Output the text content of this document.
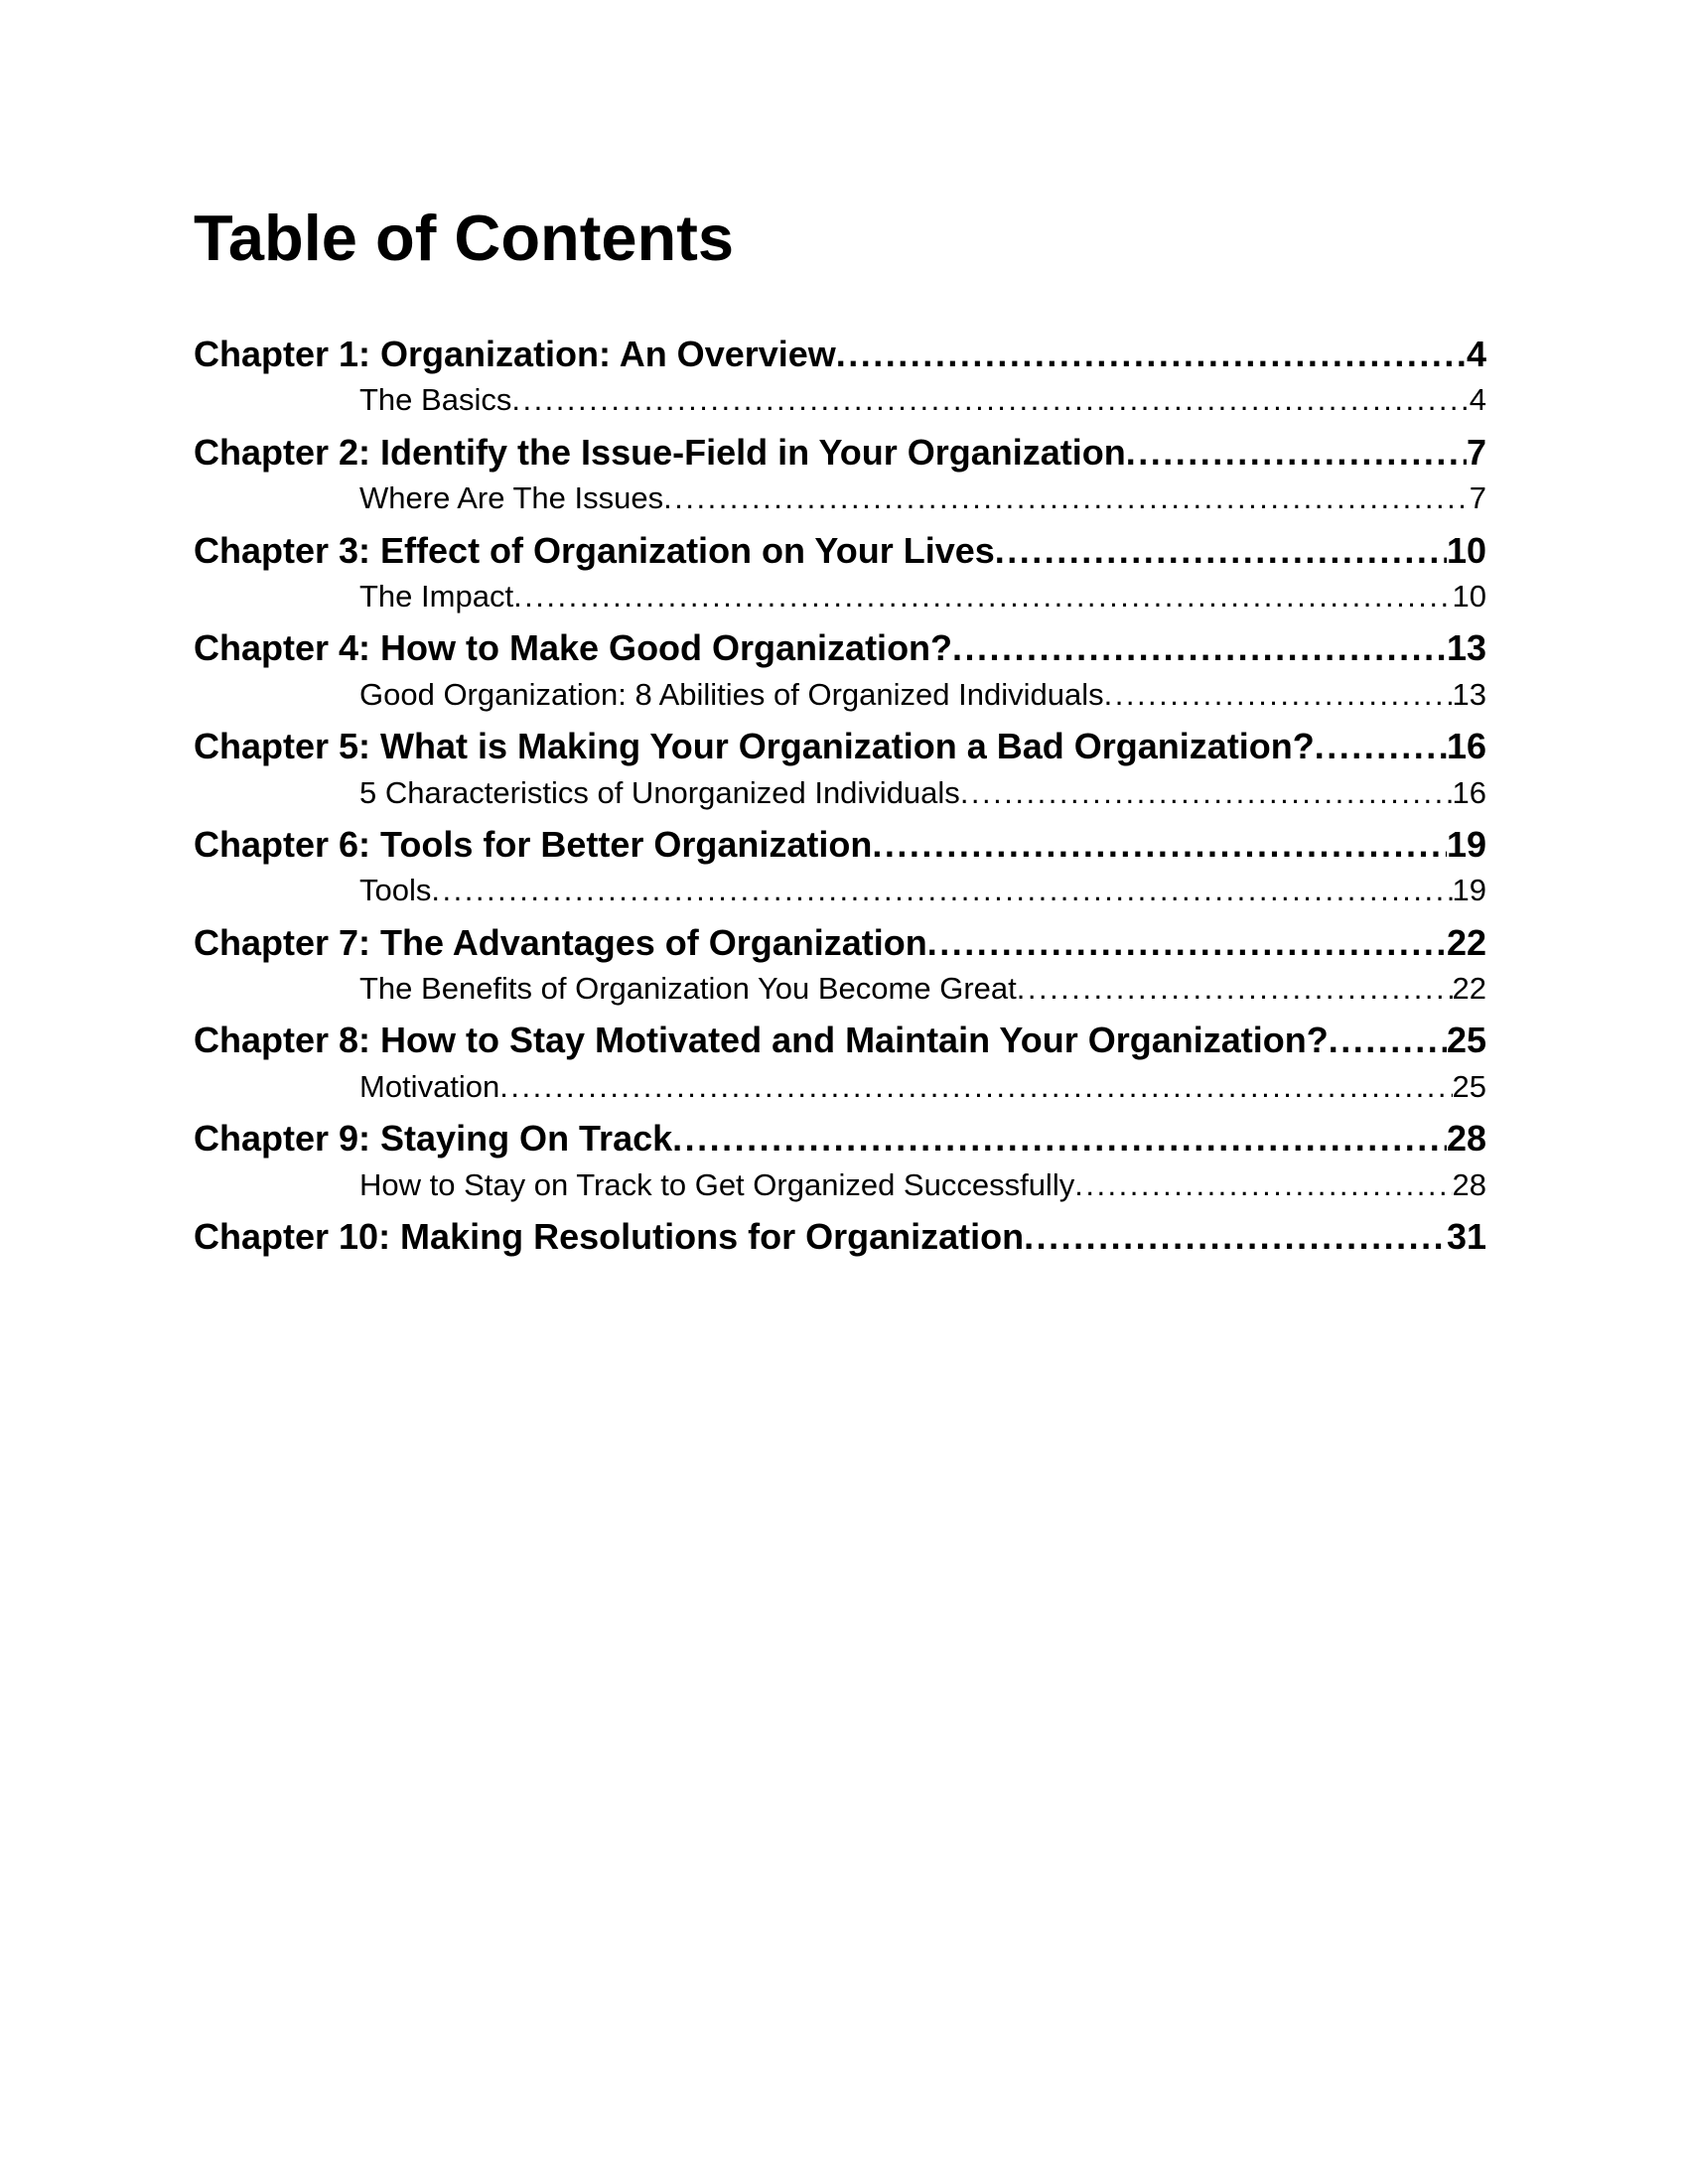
Table of Contents
Chapter 1: Organization: An Overview .....	4
The Basics .....	4
Chapter 2: Identify the Issue-Field in Your Organization .....	7
Where Are The Issues .....	7
Chapter 3: Effect of Organization on Your Lives .....	10
The Impact .....	10
Chapter 4: How to Make Good Organization? .....	13
Good Organization: 8 Abilities of Organized Individuals .....	13
Chapter 5: What is Making Your Organization a Bad Organization? .....	16
5 Characteristics of Unorganized Individuals .....	16
Chapter 6: Tools for Better Organization .....	19
Tools .....	19
Chapter 7: The Advantages of Organization .....	22
The Benefits of Organization You Become Great .....	22
Chapter 8: How to Stay Motivated and Maintain Your Organization? .....	25
Motivation .....	25
Chapter 9: Staying On Track .....	28
How to Stay on Track to Get Organized Successfully .....	28
Chapter 10: Making Resolutions for Organization .....	31
